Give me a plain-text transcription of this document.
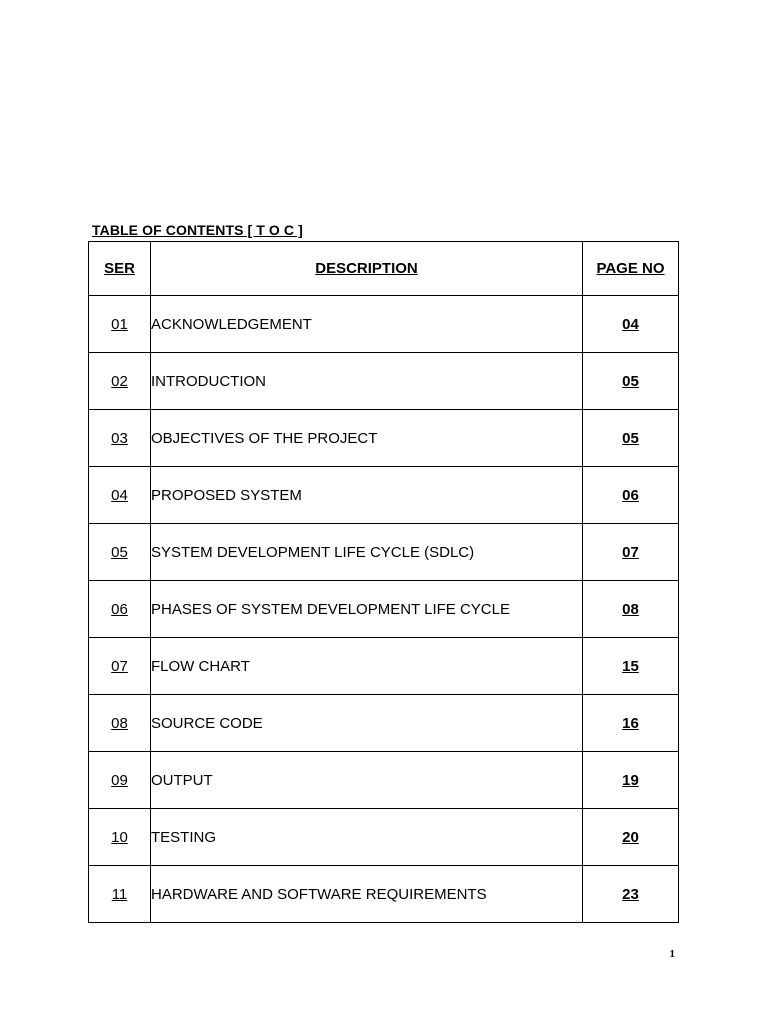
TABLE OF CONTENTS [ T O C ]
SER	DESCRIPTION	PAGE NO
01	ACKNOWLEDGEMENT	04
02	INTRODUCTION	05
03	OBJECTIVES OF THE PROJECT	05
04	PROPOSED SYSTEM	06
05	SYSTEM DEVELOPMENT LIFE CYCLE (SDLC)	07
06	PHASES OF SYSTEM DEVELOPMENT LIFE CYCLE	08
07	FLOW CHART	15
08	SOURCE CODE	16
09	OUTPUT	19
10	TESTING	20
11	HARDWARE AND SOFTWARE REQUIREMENTS	23
1
